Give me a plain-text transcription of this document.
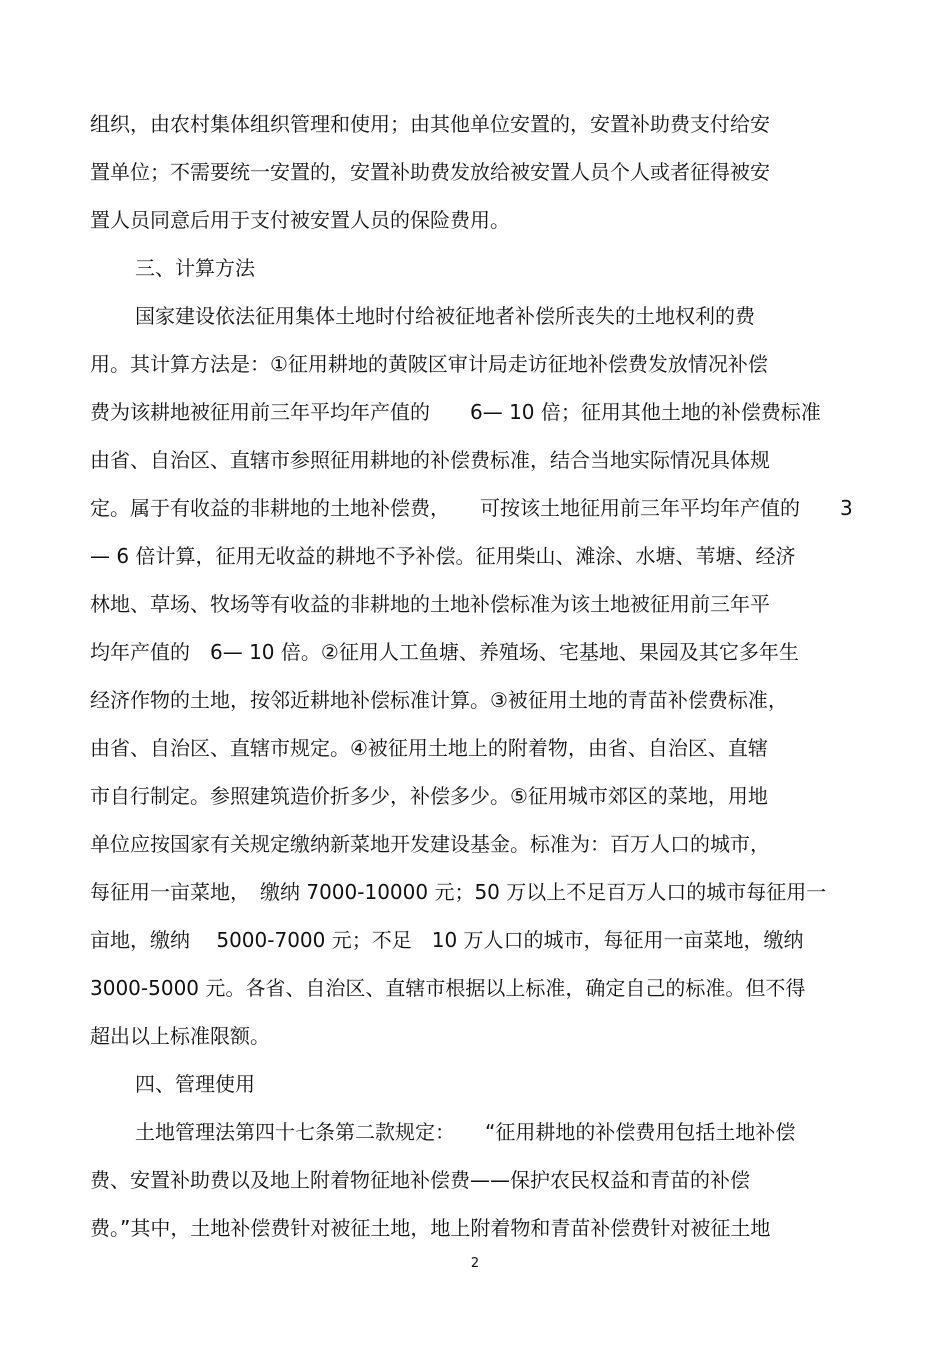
组织，由农村集体组织管理和使用；由其他单位安置的，安置补助费支付给安
置单位；不需要统一安置的，安置补助费发放给被安置人员个人或者征得被安
置人员同意后用于支付被安置人员的保险费用。
三、计算方法
国家建设依法征用集体土地时付给被征地者补偿所丧失的土地权利的费
用。其计算方法是：①征用耕地的黄陂区审计局走访征地补偿费发放情况补偿
费为该耕地被征用前三年平均年产值的　　6— 10 倍；征用其他土地的补偿费标准
由省、自治区、直辖市参照征用耕地的补偿费标准，结合当地实际情况具体规
定。属于有收益的非耕地的土地补偿费，　　可按该土地征用前三年平均年产值的　　3
— 6 倍计算，征用无收益的耕地不予补偿。征用柴山、滩涂、水塘、苇塘、经济
林地、草场、牧场等有收益的非耕地的土地补偿标准为该土地被征用前三年平
均年产值的　6— 10 倍。②征用人工鱼塘、养殖场、宅基地、果园及其它多年生
经济作物的土地，按邻近耕地补偿标准计算。③被征用土地的青苗补偿费标准，
由省、自治区、直辖市规定。④被征用土地上的附着物，由省、自治区、直辖
市自行制定。参照建筑造价折多少，补偿多少。⑤征用城市郊区的菜地，用地
单位应按国家有关规定缴纳新菜地开发建设基金。标准为：百万人口的城市，
每征用一亩菜地，　缴纳 7000-10000 元；50 万以上不足百万人口的城市每征用一
亩地，缴纳　 5000-7000 元；不足　10 万人口的城市，每征用一亩菜地，缴纳
3000-5000 元。各省、自治区、直辖市根据以上标准，确定自己的标准。但不得
超出以上标准限额。
四、管理使用
土地管理法第四十七条第二款规定：　　“征用耕地的补偿费用包括土地补偿
费、安置补助费以及地上附着物征地补偿费——保护农民权益和青苗的补偿
费。”其中，土地补偿费针对被征土地，地上附着物和青苗补偿费针对被征土地
2
